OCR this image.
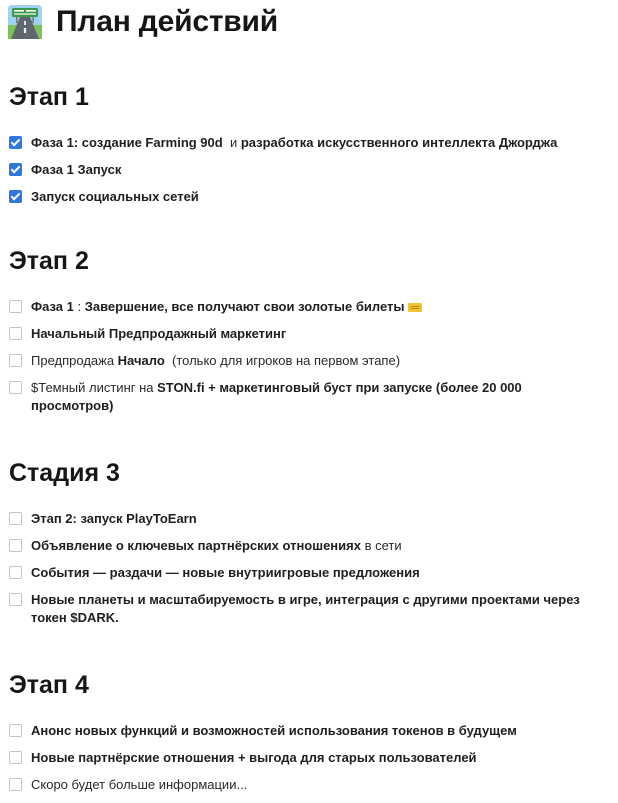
План действий
Этап 1
Фаза 1: создание Farming 90d  и разработка искусственного интеллекта Джорджа
Фаза 1 Запуск
Запуск социальных сетей
Этап 2
Фаза 1 : Завершение, все получают свои золотые билеты
Начальный Предпродажный маркетинг
Предпродажа Начало  (только для игроков на первом этапе)
$Темный листинг на STON.fi + маркетинговый буст при запуске (более 20 000 просмотров)
Стадия 3
Этап 2: запуск PlayToEarn
Объявление о ключевых партнёрских отношениях в сети
События — раздачи — новые внутриигровые предложения
Новые планеты и масштабируемость в игре, интеграция с другими проектами через токен $DARK.
Этап 4
Анонс новых функций и возможностей использования токенов в будущем
Новые партнёрские отношения + выгода для старых пользователей
Скоро будет больше информации...
